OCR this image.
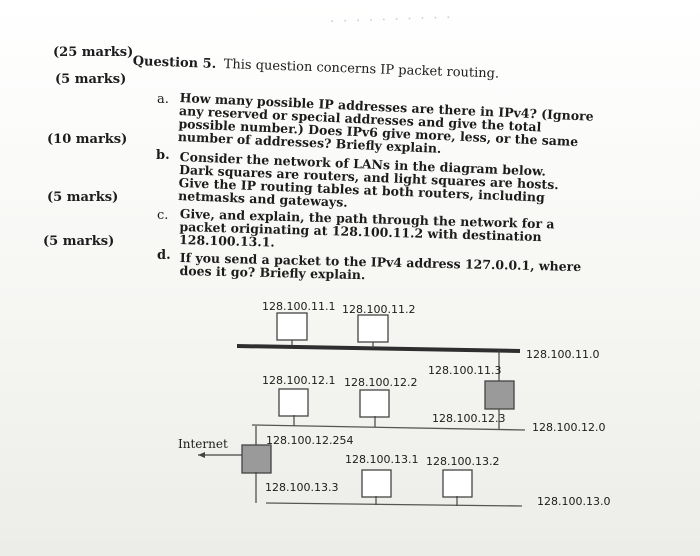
· · · · · · · · · ·
(25 marks)
Question 5. This question concerns IP packet routing.
(5 marks)
a. How many possible IP addresses are there in IPv4? (Ignore any reserved or special addresses and give the total possible number.) Does IPv6 give more, less, or the same number of addresses? Briefly explain.
(10 marks)
b. Consider the network of LANs in the diagram below. Dark squares are routers, and light squares are hosts. Give the IP routing tables at both routers, including netmasks and gateways.
(5 marks)
c. Give, and explain, the path through the network for a packet originating at 128.100.11.2 with destination 128.100.13.1.
(5 marks)
d. If you send a packet to the IPv4 address 127.0.0.1, where does it go? Briefly explain.
128.100.11.1 128.100.11.2
128.100.11.0
128.100.11.3
128.100.12.1 128.100.12.2
128.100.12.3
128.100.12.0
128.100.12.254
Internet
128.100.13.1 128.100.13.2
128.100.13.3
128.100.13.0
